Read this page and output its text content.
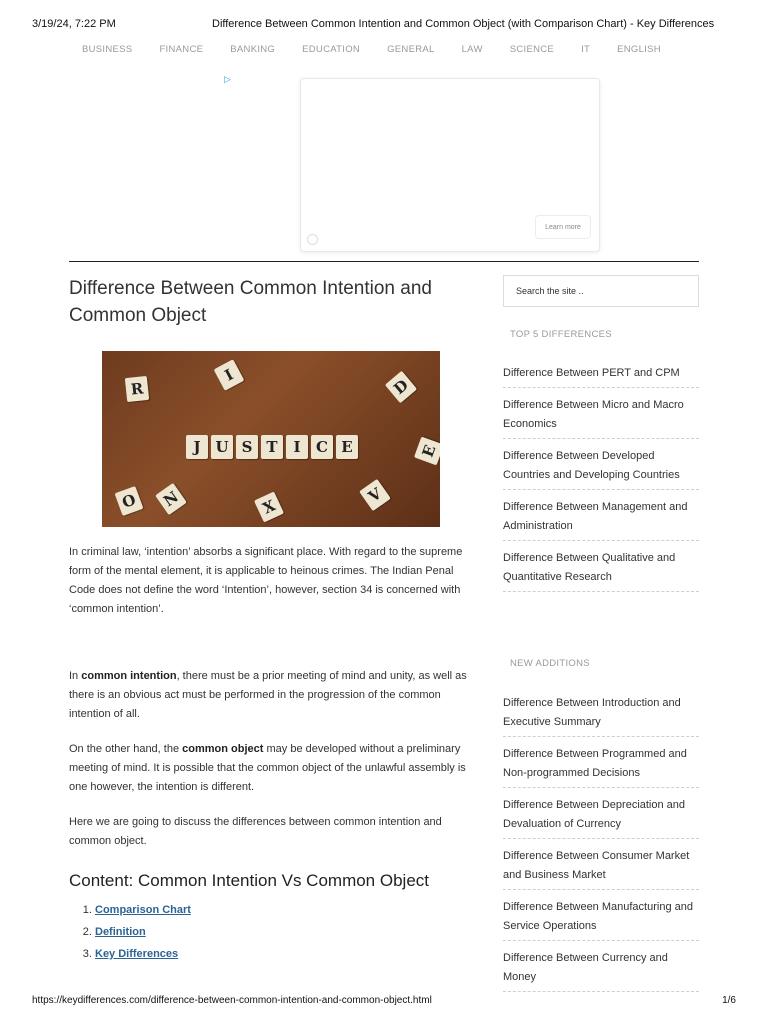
3/19/24, 7:22 PM	Difference Between Common Intention and Common Object (with Comparison Chart) - Key Differences
BUSINESS	FINANCE	BANKING	EDUCATION	GENERAL	LAW	SCIENCE	IT	ENGLISH
▷
Learn more
Difference Between Common Intention and Common Object
R
I
J U S T	I	C E
D
E
O	N	X
V

In criminal law, ‘intention’ absorbs a significant place. With regard to the supreme form of the mental element, it is applicable to heinous crimes. The Indian Penal Code does not define the word ‘Intention’, however, section 34 is concerned with ‘common intention’.

In common intention, there must be a prior meeting of mind and unity, as well as there is an obvious act must be performed in the progression of the common intention of all.

On the other hand, the common object may be developed without a preliminary meeting of mind. It is possible that the common object of the unlawful assembly is one however, the intention is different.

Here we are going to discuss the differences between common intention and common object.

Content: Common Intention Vs Common Object
1. Comparison Chart
2. Definition
3. Key Differences
Search the site ..
TOP 5 DIFFERENCES
Difference Between PERT and CPM
Difference Between Micro and Macro Economics
Difference Between Developed Countries and Developing Countries
Difference Between Management and Administration
Difference Between Qualitative and Quantitative Research
NEW ADDITIONS
Difference Between Introduction and Executive Summary
Difference Between Programmed and Non-programmed Decisions
Difference Between Depreciation and Devaluation of Currency
Difference Between Consumer Market and Business Market
Difference Between Manufacturing and Service Operations
Difference Between Currency and Money
https://keydifferences.com/difference-between-common-intention-and-common-object.html	1/6
